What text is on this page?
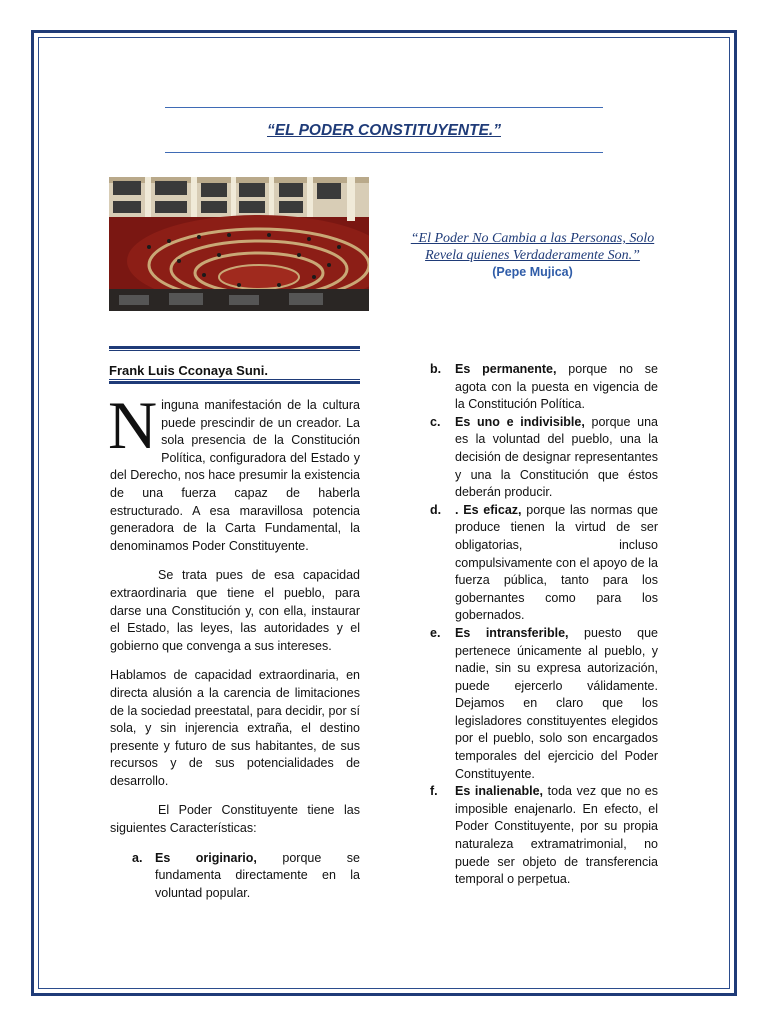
“EL PODER CONSTITUYENTE.”
“El Poder No Cambia a las Personas, Solo Revela quienes Verdaderamente Son.”
(Pepe Mujica)
Frank Luis Cconaya Suni.

Ninguna manifestación de la cultura puede prescindir de un creador. La sola presencia de la Constitución Política, configuradora del Estado y del Derecho, nos hace presumir la existencia de una fuerza capaz de haberla estructurado. A esa maravillosa potencia generadora de la Carta Fundamental, la denominamos Poder Constituyente.

Se trata pues de esa capacidad extraordinaria que tiene el pueblo, para darse una Constitución y, con ella, instaurar el Estado, las leyes, las autoridades y el gobierno que convenga a sus intereses.

Hablamos de capacidad extraordinaria, en directa alusión a la carencia de limitaciones de la sociedad preestatal, para decidir, por sí sola, y sin injerencia extraña, el destino presente y futuro de sus habitantes, de sus recursos y de sus potencialidades de desarrollo.

El Poder Constituyente tiene las siguientes Características:

a. Es originario, porque se fundamenta directamente en la voluntad popular.

b. Es permanente, porque no se agota con la puesta en vigencia de la Constitución Política.

c. Es uno e indivisible, porque una es la voluntad del pueblo, una la decisión de designar representantes y una la Constitución que éstos deberán producir.

d. . Es eficaz, porque las normas que produce tienen la virtud de ser obligatorias, incluso compulsivamente con el apoyo de la fuerza pública, tanto para los gobernantes como para los gobernados.

e. Es intransferible, puesto que pertenece únicamente al pueblo, y nadie, sin su expresa autorización, puede ejercerlo válidamente. Dejamos en claro que los legisladores constituyentes elegidos por el pueblo, solo son encargados temporales del ejercicio del Poder Constituyente.

f. Es inalienable, toda vez que no es imposible enajenarlo. En efecto, el Poder Constituyente, por su propia naturaleza extramatrimonial, no puede ser objeto de transferencia temporal o perpetua.
